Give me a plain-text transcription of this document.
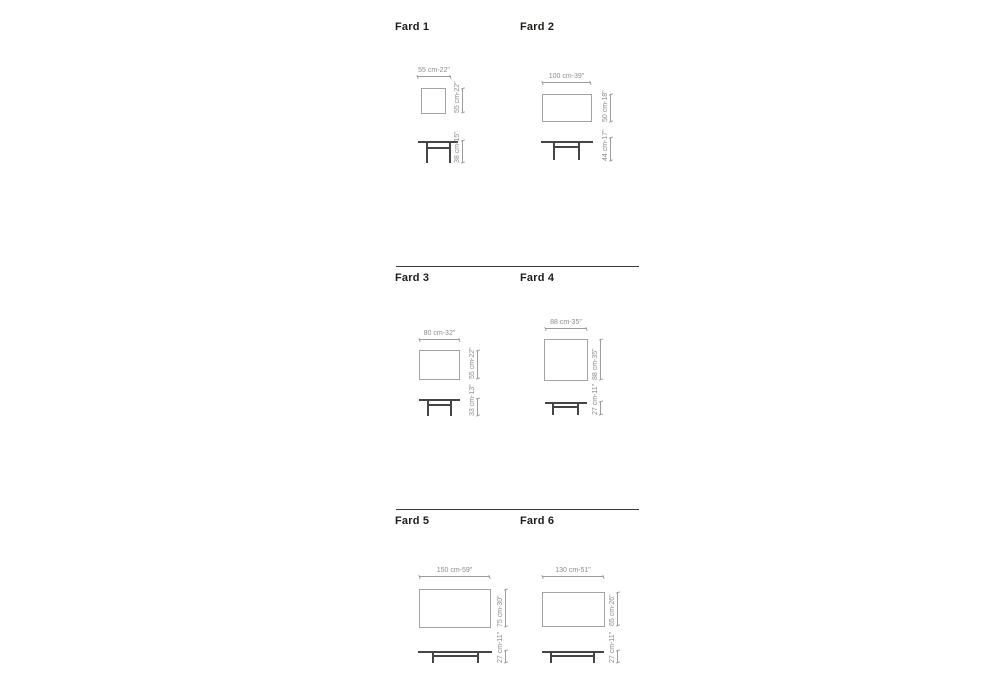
Fard 1	Fard 2
55 cm-22"
55 cm-22"
38 cm-15"
100 cm-39"
50 cm-18"
44 cm-17"
Fard 3	Fard 4
80 cm-32"
55 cm-22"
33 cm-13"
88 cm-35"
88 cm-35"
27 cm-11"
Fard 5	Fard 6
150 cm-59"
75 cm-30"
27 cm-11"
130 cm-51"
65 cm-26"
27 cm-11"
